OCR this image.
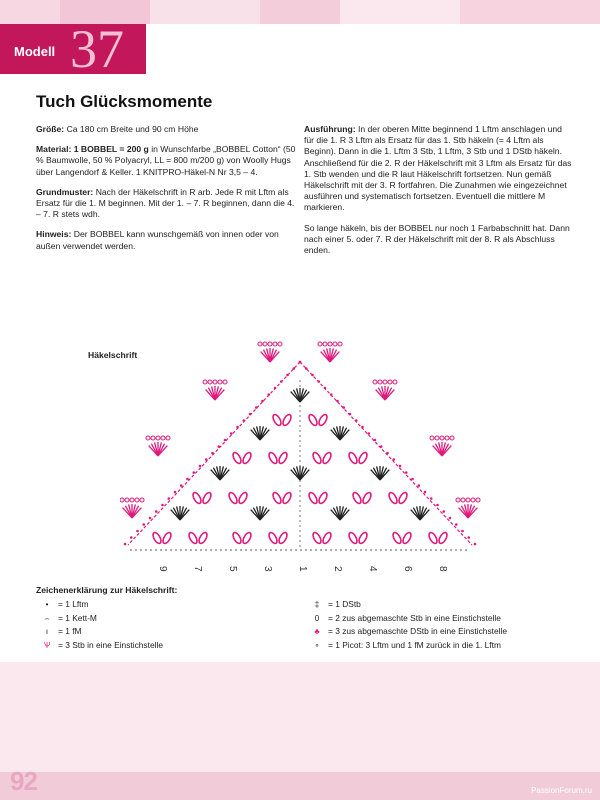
Modell 37
Tuch Glücksmomente

Größe: Ca 180 cm Breite und 90 cm Höhe

Material: 1 BOBBEL = 200 g in Wunschfarbe „BOBBEL Cotton“ (50 % Baumwolle, 50 % Polyacryl, LL = 800 m/200 g) von Woolly Hugs über Langendorf & Keller. 1 KNITPRO-Häkel-N Nr 3,5 – 4.

Grundmuster: Nach der Häkelschrift in R arb. Jede R mit Lftm als Ersatz für die 1. M beginnen. Mit der 1. – 7. R beginnen, dann die 4. – 7. R stets wdh.

Hinweis: Der BOBBEL kann wunschgemäß von innen oder von außen verwendet werden.

Ausführung: In der oberen Mitte beginnend 1 Lftm anschlagen und für die 1. R 3 Lftm als Ersatz für das 1. Stb häkeln (= 4 Lftm als Beginn). Dann in die 1. Lftm 3 Stb, 1 Lftm, 3 Stb und 1 DStb häkeln. Anschließend für die 2. R der Häkelschrift mit 3 Lftm als Ersatz für das 1. Stb wenden und die R laut Häkelschrift fortsetzen. Nun gemäß Häkelschrift mit der 3. R fortfahren. Die Zunahmen wie eingezeichnet ausführen und systematisch fortsetzen. Eventuell die mittlere M markieren.

So lange häkeln, bis der BOBBEL nur noch 1 Farbabschnitt hat. Dann nach einer 5. oder 7. R der Häkelschrift mit der 8. R als Abschluss enden.

Häkelschrift
9 7 5 3 1 2 4 6 8
Zeichenerklärung zur Häkelschrift:
•	= 1 Lftm
⌢ = 1 Kett-M
ı	= 1 fM
Ѱ = 3 Stb in eine Einstichstelle
‡	= 1 DStb
0	= 2 zus abgemaschte Stb in eine Einstichstelle
♣ = 3 zus abgemaschte DStb in eine Einstichstelle
∘	= 1 Picot: 3 Lftm und 1 fM zurück in die 1. Lftm
92	PassionForum.ru
